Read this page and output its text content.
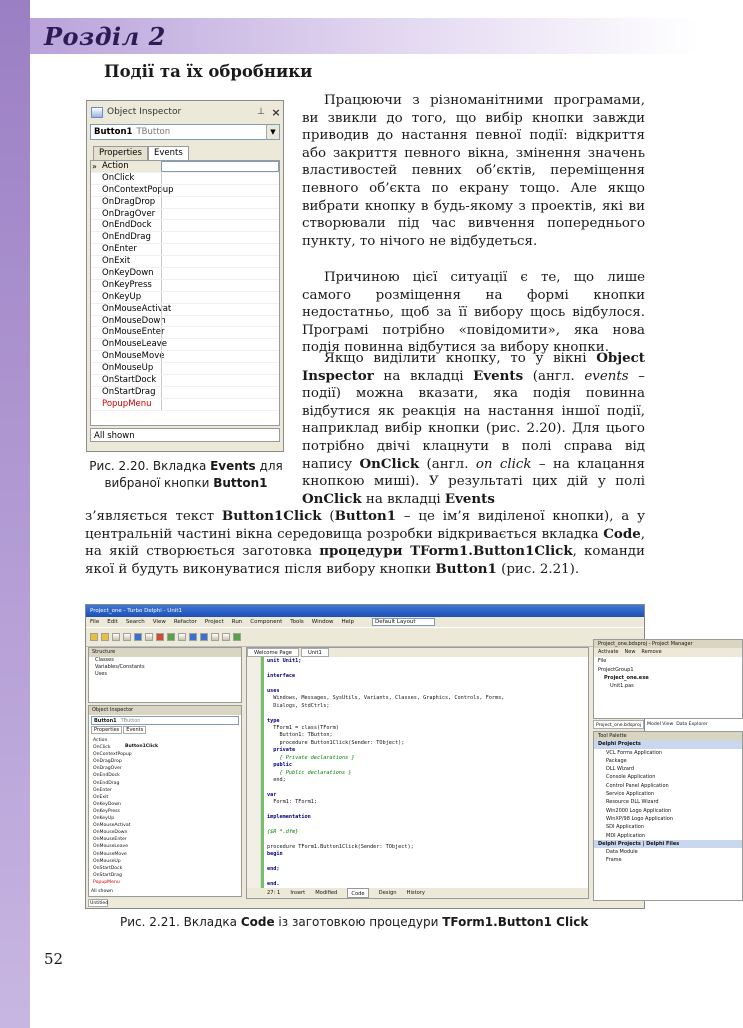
Розділ 2
Події та їх обробники
Object Inspector	⊥ ×
Button1 TButton	▼
Properties	Events
» Action
OnClick
OnContextPopup
OnDragDrop
OnDragOver
OnEndDock
OnEndDrag
OnEnter
OnExit
OnKeyDown
OnKeyPress
OnKeyUp
OnMouseActivat
OnMouseDown
OnMouseEnter
OnMouseLeave
OnMouseMove
OnMouseUp
OnStartDock
OnStartDrag
PopupMenu
All shown
Рис. 2.20. Вкладка Events для вибраної кнопки Button1
Працюючи з різноманітними програмами, ви звикли до того, що вибір кнопки завжди приводив до настання певної події: відкриття або закриття певного вікна, змінення значень властивостей певних об’єктів, переміщення певного об’єкта по екрану тощо. Але якщо вибрати кнопку в будь-якому з проектів, які ви створювали під час вивчення попереднього пункту, то нічого не відбудеться.
Причиною цієї ситуації є те, що лише самого розміщення на формі кнопки недостатньо, щоб за її вибору щось відбулося. Програмі потрібно «повідомити», яка нова подія повинна відбутися за вибору кнопки.
Якщо виділити кнопку, то у вікні Object Inspector на вкладці Events (англ. events – події) можна вказати, яка подія повинна відбутися як реакція на настання іншої події, наприклад вибір кнопки (рис. 2.20). Для цього потрібно двічі клацнути в полі справа від напису OnClick (англ. on click – на клацання кнопкою миші). У результаті цих дій у полі OnClick на вкладці Events
з’являється текст Button1Click (Button1 – це ім’я виділеної кнопки), а у центральній частині вікна середовища розробки відкривається вкладка Code, на якій створюється заготовка процедури TForm1.Button1Click, команди якої й будуть виконуватися після вибору кнопки Button1 (рис. 2.21).
Project_one - Turbo Delphi - Unit1
File Edit Search View Refactor Project Run Component Tools Window Help	Default Layout
Structure
Classes
Variables/Constants
Uses
Object Inspector
Button1 TButton
Properties	Events
Action
OnClick
OnContextPopup
OnDragDrop
OnDragOver
OnEndDock
OnEndDrag
OnEnter
OnExit
OnKeyDown
OnKeyPress
OnKeyUp
OnMouseActivat
OnMouseDown
OnMouseEnter
OnMouseLeave
OnMouseMove
OnMouseUp
OnStartDock
OnStartDrag
PopupMenu
Button1Click
All shown
Untitled
Welcome Page	Unit1
unit Unit1;
interface
uses
Windows, Messages, SysUtils, Variants, Classes, Graphics, Controls, Forms,
Dialogs, StdCtrls;
type
TForm1 = class(TForm)
Button1: TButton;
procedure Button1Click(Sender: TObject);
private
{ Private declarations }
public
{ Public declarations }
end;
var
Form1: TForm1;
implementation
{$R *.dfm}
procedure TForm1.Button1Click(Sender: TObject);
begin
end;
end.
27: 1 Insert Modified	Code	Design History
Project_one.bdsproj - Project Manager
Activate New Remove
File
ProjectGroup1
Project_one.exe
Unit1.pas
Project_one.bdsproj	Model View Data Explorer
Tool Palette
Delphi Projects
VCL Forms Application
Package
DLL Wizard
Console Application
Control Panel Application
Service Application
Resource DLL Wizard
Win2000 Logo Application
WinXP/98 Logo Application
SDI Application
MDI Application
Delphi Projects | Delphi Files
Data Module
Frame
Рис. 2.21. Вкладка Code із заготовкою процедури TForm1.Button1 Click
52
